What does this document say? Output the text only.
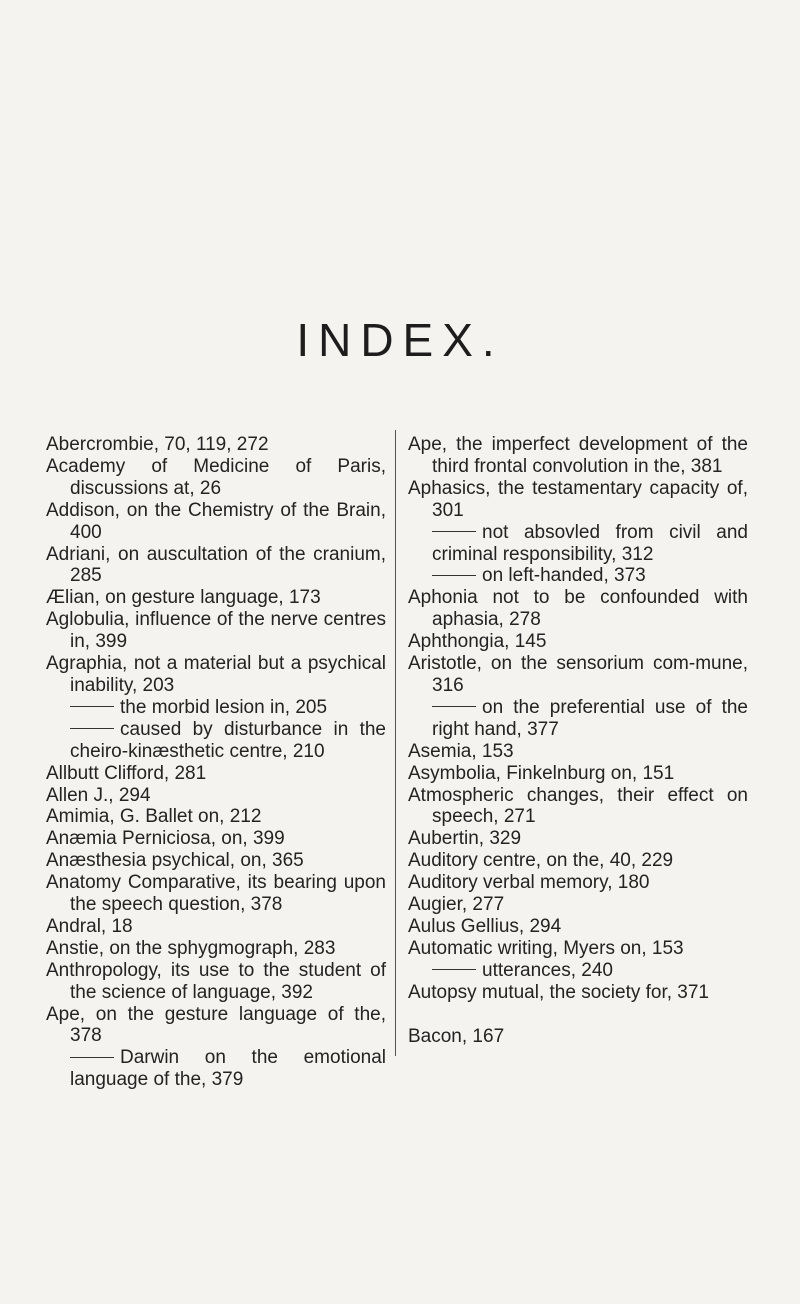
INDEX.
Abercrombie, 70, 119, 272
Academy of Medicine of Paris, discussions at, 26
Addison, on the Chemistry of the Brain, 400
Adriani, on auscultation of the cranium, 285
Ælian, on gesture language, 173
Aglobulia, influence of the nerve centres in, 399
Agraphia, not a material but a psychical inability, 203
the morbid lesion in, 205
caused by disturbance in the cheiro-kinæsthetic centre, 210
Allbutt Clifford, 281
Allen J., 294
Amimia, G. Ballet on, 212
Anæmia Perniciosa, on, 399
Anæsthesia psychical, on, 365
Anatomy Comparative, its bearing upon the speech question, 378
Andral, 18
Anstie, on the sphygmograph, 283
Anthropology, its use to the student of the science of language, 392
Ape, on the gesture language of the, 378
Darwin on the emotional language of the, 379
Ape, the imperfect development of the third frontal convolution in the, 381
Aphasics, the testamentary capacity of, 301
not absovled from civil and criminal responsibility, 312
on left-handed, 373
Aphonia not to be confounded with aphasia, 278
Aphthongia, 145
Aristotle, on the sensorium com-mune, 316
on the preferential use of the right hand, 377
Asemia, 153
Asymbolia, Finkelnburg on, 151
Atmospheric changes, their effect on speech, 271
Aubertin, 329
Auditory centre, on the, 40, 229
Auditory verbal memory, 180
Augier, 277
Aulus Gellius, 294
Automatic writing, Myers on, 153
utterances, 240
Autopsy mutual, the society for, 371
Bacon, 167
